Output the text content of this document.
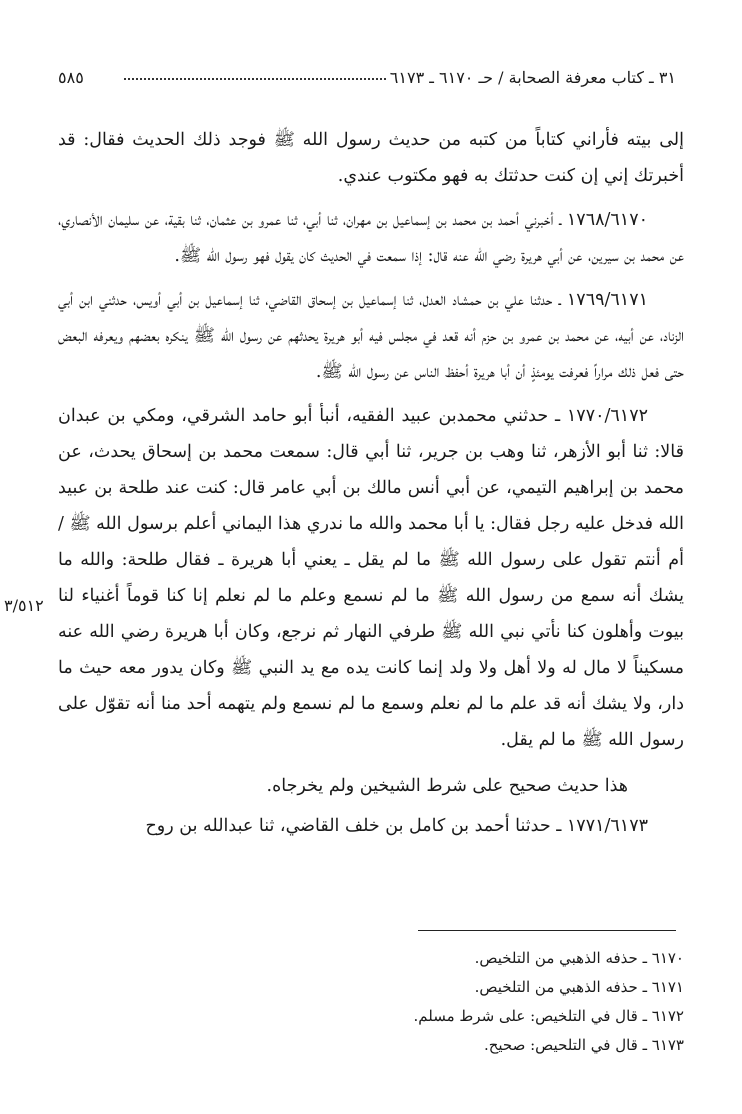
٣١ ـ كتاب معرفة الصحابة / حـ ٦١٧٠ ـ ٦١٧٣
٥٨٥

إلى بيته فأراني كتاباً من كتبه من حديث رسول الله ﷺ فوجد ذلك الحديث فقال: قد أخبرتك إني إن كنت حدثتك به فهو مكتوب عندي.

١٧٦٨/٦١٧٠ ـ أخبرني أحمد بن محمد بن إسماعيل بن مهران، ثنا أبي، ثنا عمرو بن عثمان، ثنا بقية، عن سليمان الأنصاري، عن محمد بن سيرين، عن أبي هريرة رضي الله عنه قال: إذا سمعت في الحديث كان يقول فهو رسول الله ﷺ.

١٧٦٩/٦١٧١ ـ حدثنا علي بن حمشاد العدل، ثنا إسماعيل بن إسحاق القاضي، ثنا إسماعيل بن أبي أويس، حدثني ابن أبي الزناد، عن أبيه، عن محمد بن عمرو بن حزم أنه قعد في مجلس فيه أبو هريرة يحدثهم عن رسول الله ﷺ ينكره بعضهم ويعرفه البعض حتى فعل ذلك مراراً فعرفت يومئذٍ أن أبا هريرة أحفظ الناس عن رسول الله ﷺ.

١٧٧٠/٦١٧٢ ـ حدثني محمدبن عبيد الفقيه، أنبأ أبو حامد الشرقي، ومكي بن عبدان قالا: ثنا أبو الأزهر، ثنا وهب بن جرير، ثنا أبي قال: سمعت محمد بن إسحاق يحدث، عن محمد بن إبراهيم التيمي، عن أبي أنس مالك بن أبي عامر قال: كنت عند طلحة بن عبيد الله فدخل عليه رجل فقال: يا أبا محمد والله ما ندري هذا اليماني أعلم برسول الله ﷺ / أم أنتم تقول على رسول الله ﷺ ما لم يقل ـ يعني أبا هريرة ـ فقال طلحة: والله ما يشك أنه سمع من رسول الله ﷺ ما لم نسمع وعلم ما لم نعلم إنا كنا قوماً أغنياء لنا بيوت وأهلون كنا نأتي نبي الله ﷺ طرفي النهار ثم نرجع، وكان أبا هريرة رضي الله عنه مسكيناً لا مال له ولا أهل ولا ولد إنما كانت يده مع يد النبي ﷺ وكان يدور معه حيث ما دار، ولا يشك أنه قد علم ما لم نعلم وسمع ما لم نسمع ولم يتهمه أحد منا أنه تقوّل على رسول الله ﷺ ما لم يقل.

هذا حديث صحيح على شرط الشيخين ولم يخرجاه.

١٧٧١/٦١٧٣ ـ حدثنا أحمد بن كامل بن خلف القاضي، ثنا عبدالله بن روح

٣/٥١٢

٦١٧٠ ـ حذفه الذهبي من التلخيص.

٦١٧١ ـ حذفه الذهبي من التلخيص.

٦١٧٢ ـ قال في التلخيص: على شرط مسلم.

٦١٧٣ ـ قال في التلحيص: صحيح.
